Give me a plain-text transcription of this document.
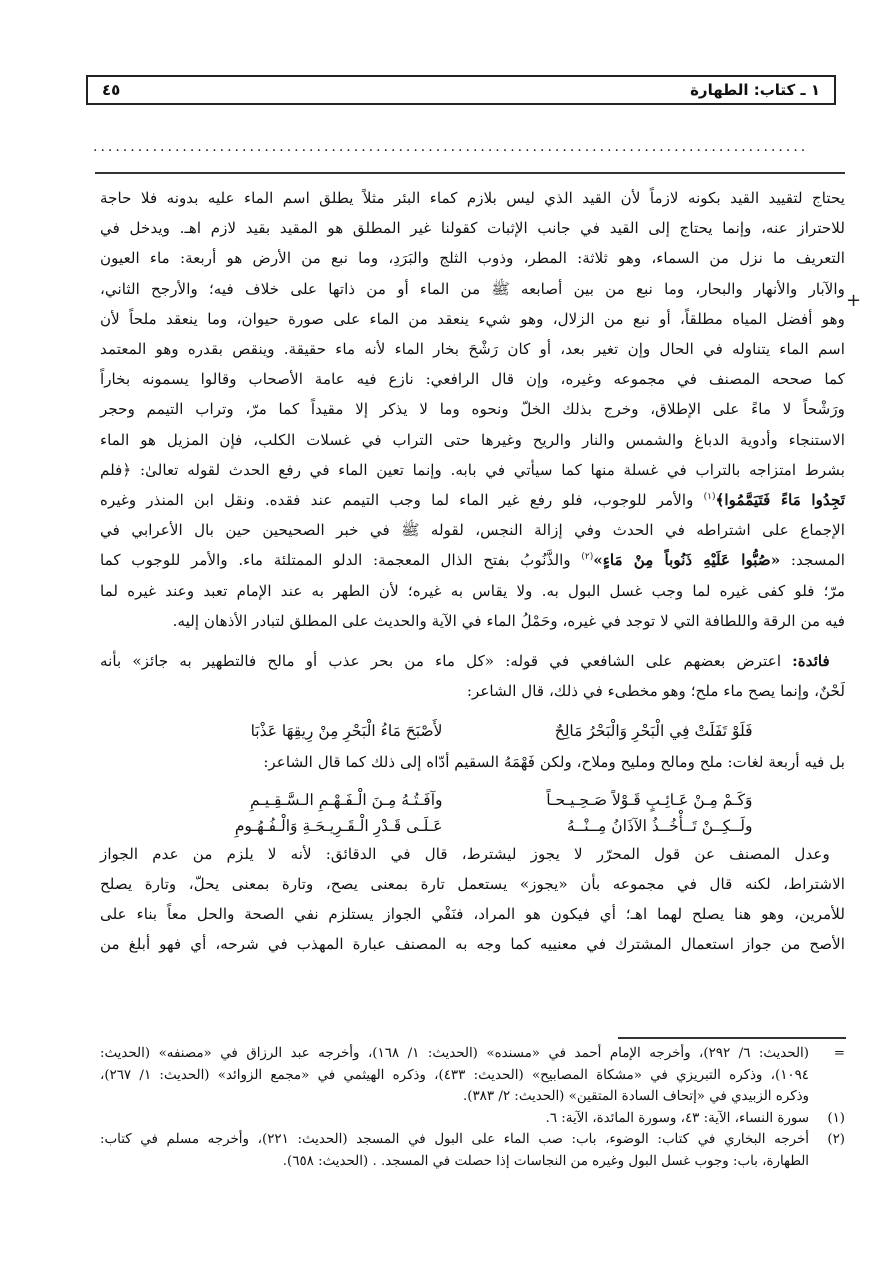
١ ـ كتاب: الطهارة
٤٥
................................................................................................
+
يحتاج لتقييد القيد بكونه لازماً لأن القيد الذي ليس بلازم كماء البئر مثلاً يطلق اسم الماء عليه بدونه فلا حاجة
للاحتراز عنه، وإنما يحتاج إلى القيد في جانب الإثبات كقولنا غير المطلق هو المقيد بقيد لازم اهـ. ويدخل في
التعريف ما نزل من السماء، وهو ثلاثة: المطر، وذوب الثلج والبَرَدِ، وما نبع من الأرض هو أربعة: ماء العيون
والآبار والأنهار والبحار، وما نبع من بين أصابعه ﷺ من الماء أو من ذاتها على خلاف فيه؛ والأرجح الثاني،
وهو أفضل المياه مطلقاً، أو نبع من الزلال، وهو شيء ينعقد من الماء على صورة حيوان، وما ينعقد ملحاً لأن
اسم الماء يتناوله في الحال وإن تغير بعد، أو كان رَشْحَ بخار الماء لأنه ماء حقيقة. وينقص بقدره وهو المعتمد
كما صححه المصنف في مجموعه وغيره، وإن قال الرافعي: نازع فيه عامة الأصحاب وقالوا يسمونه بخاراً
ورَشْحاً لا ماءً على الإطلاق، وخرج بذلك الخلّ ونحوه وما لا يذكر إلا مقيداً كما مرّ، وتراب التيمم وحجر
الاستنجاء وأدوية الدباغ والشمس والنار والريح وغيرها حتى التراب في غسلات الكلب، فإن المزيل هو الماء
بشرط امتزاجه بالتراب في غسلة منها كما سيأتي في بابه. وإنما تعين الماء في رفع الحدث لقوله تعالىٰ: ﴿فلم
تَجِدُوا مَاءً فَتَيَمَّمُوا﴾$^{(١)}$ والأمر للوجوب، فلو رفع غير الماء لما وجب التيمم عند فقده. ونقل ابن المنذر وغيره
الإجماع على اشتراطه في الحدث وفي إزالة النجس، لقوله ﷺ في خبر الصحيحين حين بال الأعرابي في
المسجد: «صُبُّوا عَلَيْهِ ذَنُوباً مِنْ مَاءٍ»$^{(٢)}$ والذَّنُوبُ بفتح الذال المعجمة: الدلو الممتلئة ماء. والأمر للوجوب كما
مرّ؛ فلو كفى غيره لما وجب غسل البول به. ولا يقاس به غيره؛ لأن الطهر به عند الإمام تعبد وعند غيره لما
فيه من الرقة واللطافة التي لا توجد في غيره، وحَمْلُ الماء في الآية والحديث على المطلق لتبادر الأذهان إليه.
 فائدة: اعترض بعضهم على الشافعي في قوله: «كل ماء من بحر عذب أو مالح فالتطهير به جائز» بأنه
لَحْنٌ، وإنما يصح ماء ملح؛ وهو مخطىء في ذلك، قال الشاعر:
فَلَوْ تَفَلَتْ فِي الْبَحْرِ وَالْبَحْرُ مَالِحٌ
لأَصْبَحَ مَاءُ الْبَحْرِ مِنْ رِيقِهَا عَذْبَا
بل فيه أربعة لغات: ملح ومالح ومليح وملاح، ولكن فَهْمَهُ السقيم أدّاه إلى ذلك كما قال الشاعر:
وَكَـمْ مِـنْ عَـائِـبٍ قَـوْلاً صَـحِـيـحـاً
وآفَـتُـهُ مِـنَ الْـفَـهْـمِ الـسَّـقِـيـمِ
ولَــكِــنْ تَــأْخُــذُ الآذَانُ مِــنْــهُ
عَـلَـى قَـدْرِ الْـقَـرِيـحَـةِ وَالْـفُـهُـومِ
 وعدل المصنف عن قول المحرّر لا يجوز ليشترط، قال في الدقائق: لأنه لا يلزم من عدم الجواز
الاشتراط، لكنه قال في مجموعه بأن «يجوز» يستعمل تارة بمعنى يصح، وتارة بمعنى يحلّ، وتارة يصلح
للأمرين، وهو هنا يصلح لهما اهـ؛ أي فيكون هو المراد، فنَفْي الجواز يستلزم نفي الصحة والحل معاً بناء على
الأصح من جواز استعمال المشترك في معنييه كما وجه به المصنف عبارة المهذب في شرحه، أي فهو أبلغ من
=
(الحديث: ٦/ ٢٩٢)، وأخرجه الإمام أحمد في «مسنده» (الحديث: ١/ ١٦٨)، وأخرجه عبد الرزاق في «مصنفه» (الحديث:
١٠٩٤)، وذكره التبريزي في «مشكاة المصابيح» (الحديث: ٤٣٣)، وذكره الهيثمي في «مجمع الزوائد» (الحديث: ١/ ٢٦٧)،
وذكره الزبيدي في «إتحاف السادة المتقين» (الحديث: ٢/ ٣٨٣).
(١)
سورة النساء، الآية: ٤٣، وسورة المائدة، الآية: ٦.
(٢)
أخرجه البخاري في كتاب: الوضوء، باب: صب الماء على البول في المسجد (الحديث: ٢٢١)، وأخرجه مسلم في كتاب:
الطهارة، باب: وجوب غسل البول وغيره من النجاسات إذا حصلت في المسجد. . (الحديث: ٦٥٨).
